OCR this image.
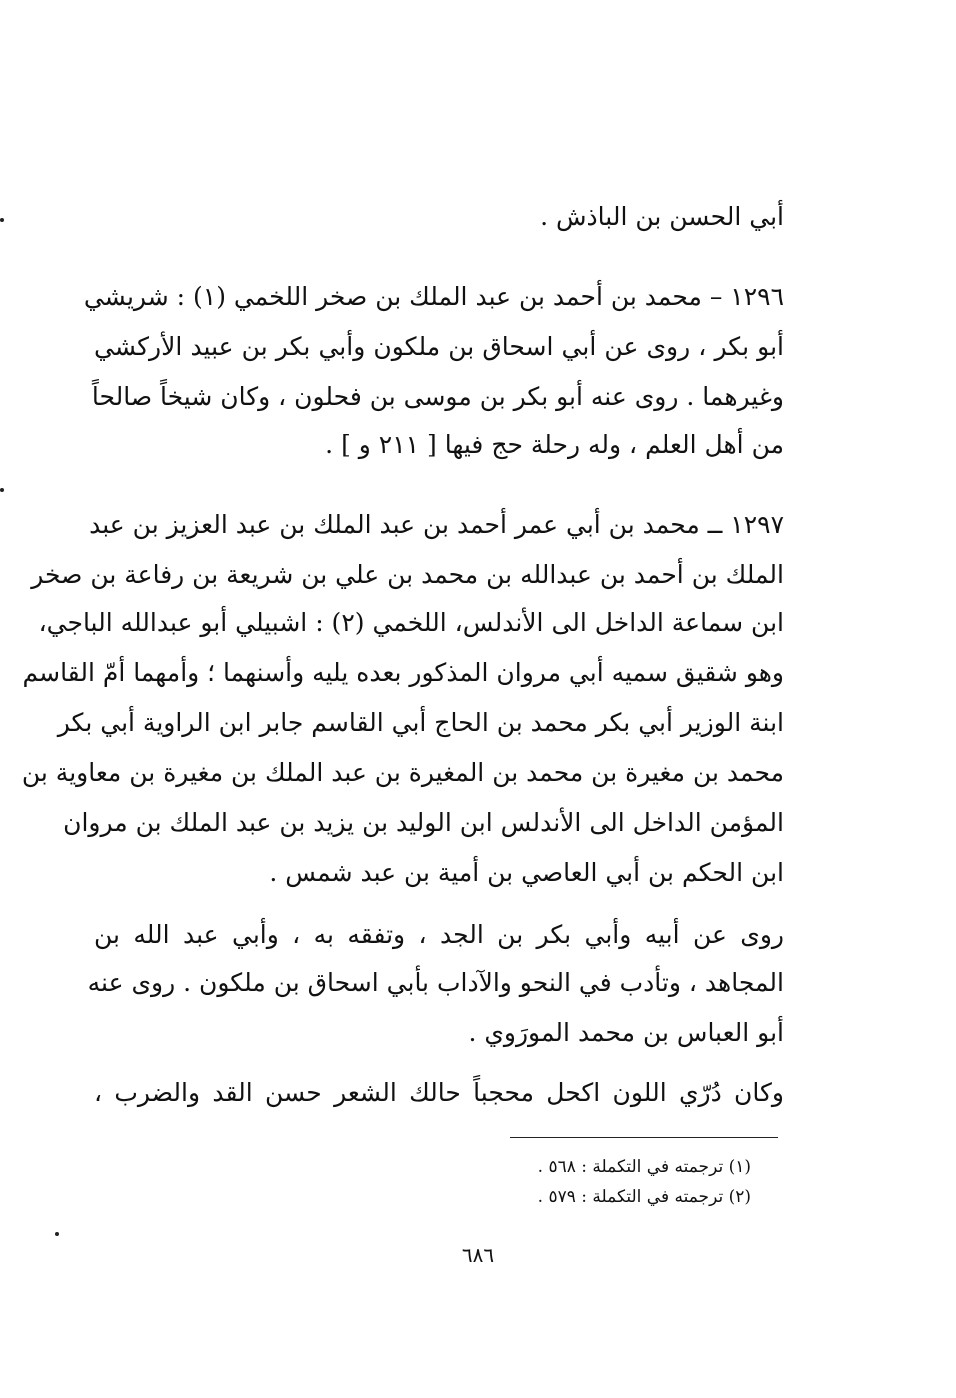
أبي الحسن بن الباذش .
١٢٩٦ – محمد بن أحمد بن عبد الملك بن صخر اللخمي (١) : شريشي
أبو بكر ، روى عن أبي اسحاق بن ملكون وأبي بكر بن عبيد الأركشي
وغيرهما . روى عنه أبو بكر بن موسى بن فحلون ، وكان شيخاً صالحاً
من أهل العلم ، وله رحلة حج فيها [ ٢١١ و ] .
١٢٩٧ ــ محمد بن أبي عمر أحمد بن عبد الملك بن عبد العزيز بن عبد
الملك بن أحمد بن عبدالله بن محمد بن علي بن شريعة بن رفاعة بن صخر
ابن سماعة الداخل الى الأندلس، اللخمي (٢) : اشبيلي أبو عبدالله الباجي،
وهو شقيق سميه أبي مروان المذكور بعده يليه وأسنهما ؛ وأمهما أمّ القاسم
ابنة الوزير أبي بكر محمد بن الحاج أبي القاسم جابر ابن الراوية أبي بكر
محمد بن مغيرة بن محمد بن المغيرة بن عبد الملك بن مغيرة بن معاوية بن
المؤمن الداخل الى الأندلس ابن الوليد بن يزيد بن عبد الملك بن مروان
ابن الحكم بن أبي العاصي بن أمية بن عبد شمس .
روى عن أبيه وأبي بكر بن الجد ، وتفقه به ، وأبي عبد الله بن
المجاهد ، وتأدب في النحو والآداب بأبي اسحاق بن ملكون . روى عنه
أبو العباس بن محمد المورَوي .
وكان دُرّي اللون اكحل محجباً حالك الشعر حسن القد والضرب ،
(١) ترجمته في التكملة : ٥٦٨ .
(٢) ترجمته في التكملة : ٥٧٩ .
٦٨٦
